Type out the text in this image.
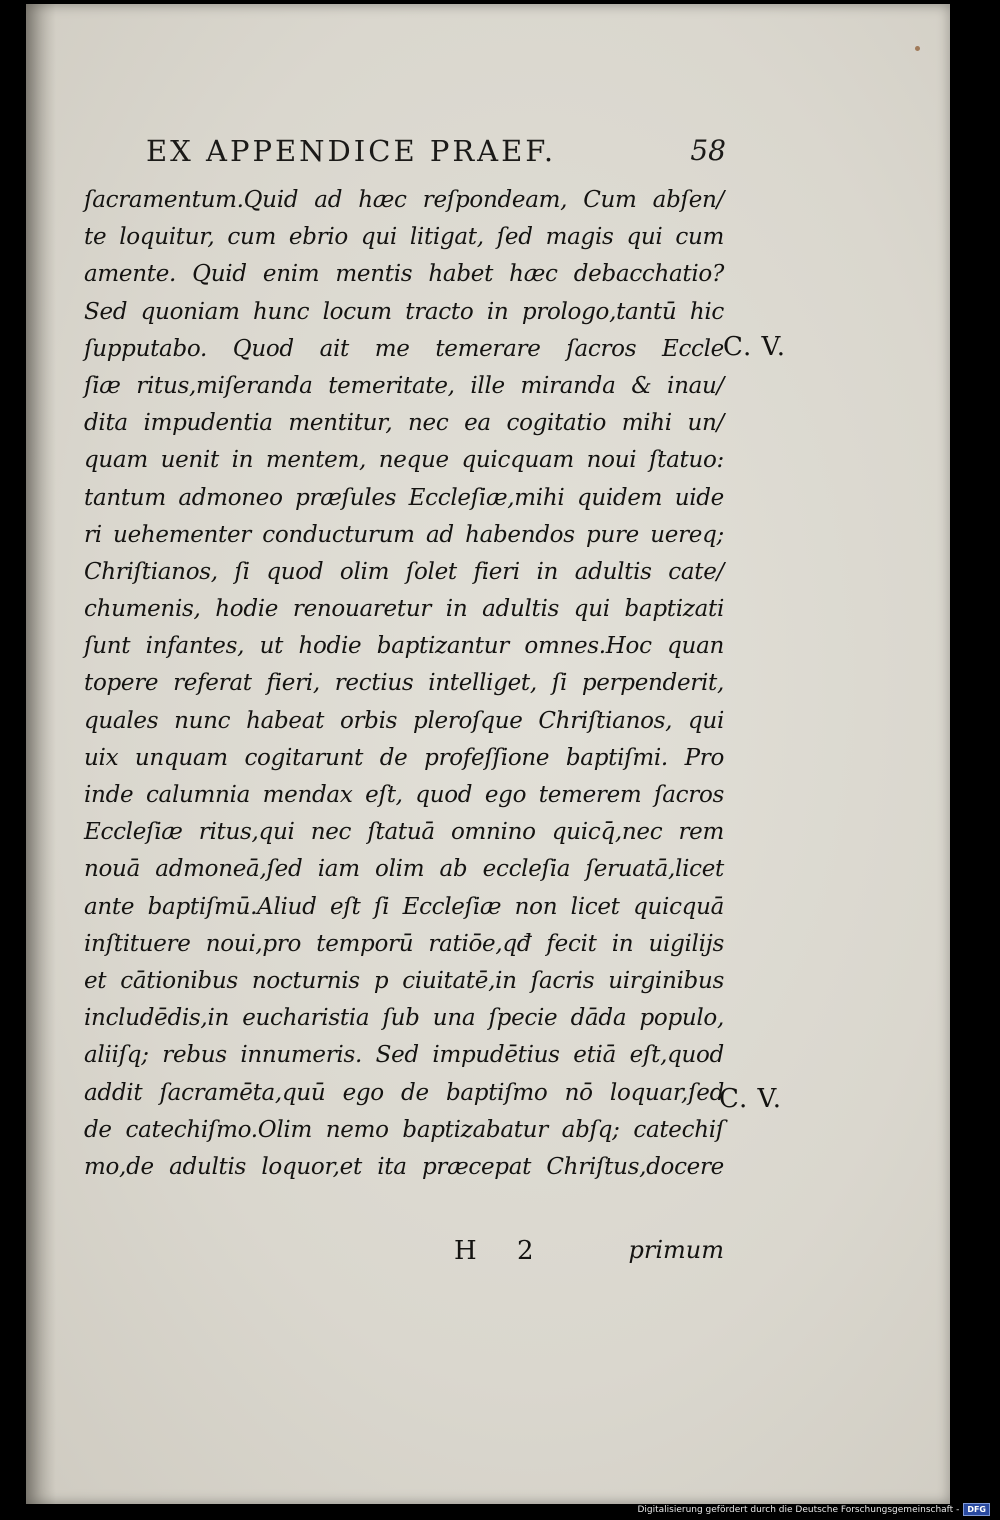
EX APPENDICE PRAEF.	58
ſacramentum.Quid ad hæc reſpondeam, Cum abſen/
te loquitur, cum ebrio qui litigat, ſed magis qui cum
amente. Quid enim mentis habet hæc debacchatio?
Sed quoniam hunc locum tracto in prologo,tantū hic
ſupputabo. Quod ait me temerare ſacros Eccle
ſiæ ritus,miſeranda temeritate, ille miranda & inau/
dita impudentia mentitur, nec ea cogitatio mihi un/
quam uenit in mentem, neque quicquam noui ſtatuo:
tantum admoneo præſules Eccleſiæ,mihi quidem uide
ri uehementer conducturum ad habendos pure uereq;
Chriſtianos, ſi quod olim ſolet fieri in adultis cate/
chumenis, hodie renouaretur in adultis qui baptizati
ſunt infantes, ut hodie baptizantur omnes.Hoc quan
topere referat fieri, rectius intelliget, ſi perpenderit,
quales nunc habeat orbis pleroſque Chriſtianos, qui
uix unquam cogitarunt de profeſſione baptiſmi. Pro
inde calumnia mendax eſt, quod ego temerem ſacros
Eccleſiæ ritus,qui nec ſtatuā omnino quicq̄,nec rem
nouā admoneā,ſed iam olim ab eccleſia ſeruatā,licet
ante baptiſmū.Aliud eſt ſi Eccleſiæ non licet quicquā
inſtituere noui,pro temporū ratiōe,qđ fecit in uigilijs
et cātionibus nocturnis p ciuitatē,in ſacris uirginibus
includēdis,in eucharistia ſub una ſpecie dāda populo,
aliiſq; rebus innumeris. Sed impudētius etiā eſt,quod
addit ſacramēta,quū ego de baptiſmo nō loquar,ſed
de catechiſmo.Olim nemo baptizabatur abſq; catechiſ
mo,de adultis loquor,et ita præcepat Chriſtus,docere
C. V.
C. V.
H 2	primum
Digitalisierung gefördert durch die Deutsche Forschungsgemeinschaft -	DFG
